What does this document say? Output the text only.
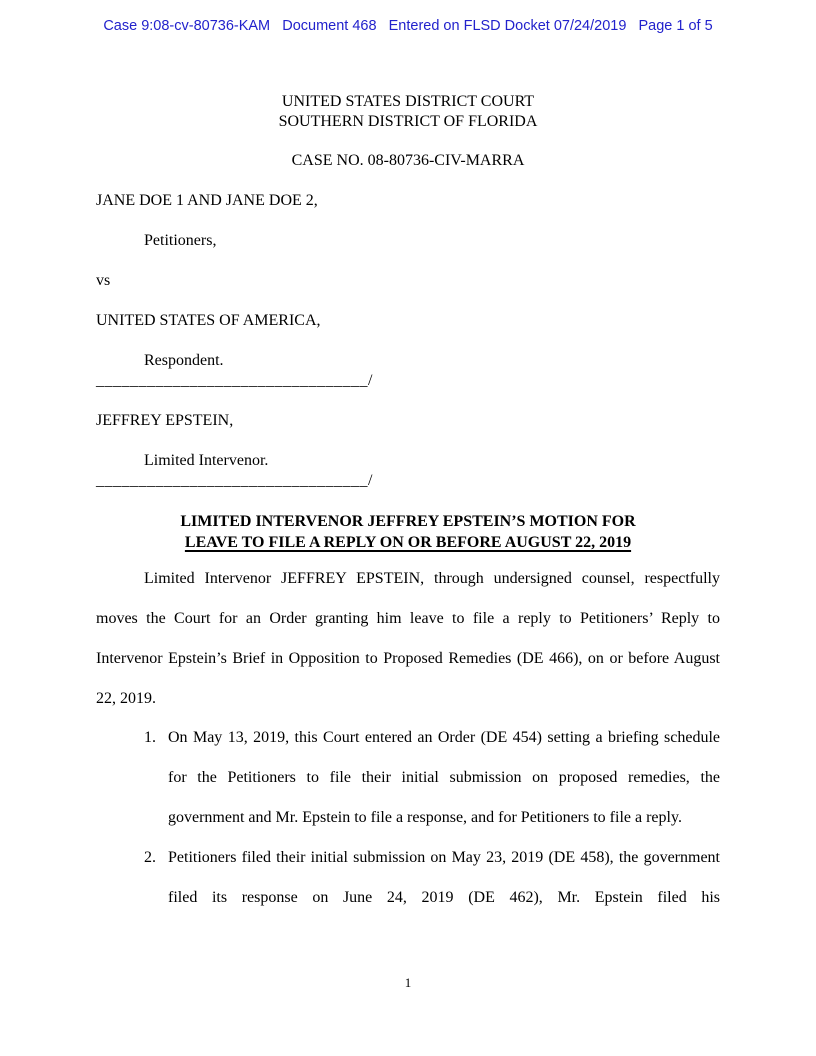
Case 9:08-cv-80736-KAM   Document 468   Entered on FLSD Docket 07/24/2019   Page 1 of 5
UNITED STATES DISTRICT COURT
SOUTHERN DISTRICT OF FLORIDA
CASE NO. 08-80736-CIV-MARRA
JANE DOE 1 AND JANE DOE 2,
Petitioners,
vs
UNITED STATES OF AMERICA,
Respondent.
________________________________/
JEFFREY EPSTEIN,
Limited Intervenor.
________________________________/
LIMITED INTERVENOR JEFFREY EPSTEIN’S MOTION FOR
LEAVE TO FILE A REPLY ON OR BEFORE AUGUST 22, 2019
Limited Intervenor JEFFREY EPSTEIN, through undersigned counsel, respectfully moves the Court for an Order granting him leave to file a reply to Petitioners’ Reply to Intervenor Epstein’s Brief in Opposition to Proposed Remedies (DE 466), on or before August 22, 2019.
1. On May 13, 2019, this Court entered an Order (DE 454) setting a briefing schedule for the Petitioners to file their initial submission on proposed remedies, the government and Mr. Epstein to file a response, and for Petitioners to file a reply.
2. Petitioners filed their initial submission on May 23, 2019 (DE 458), the government filed its response on June 24, 2019 (DE 462), Mr. Epstein filed his
1
